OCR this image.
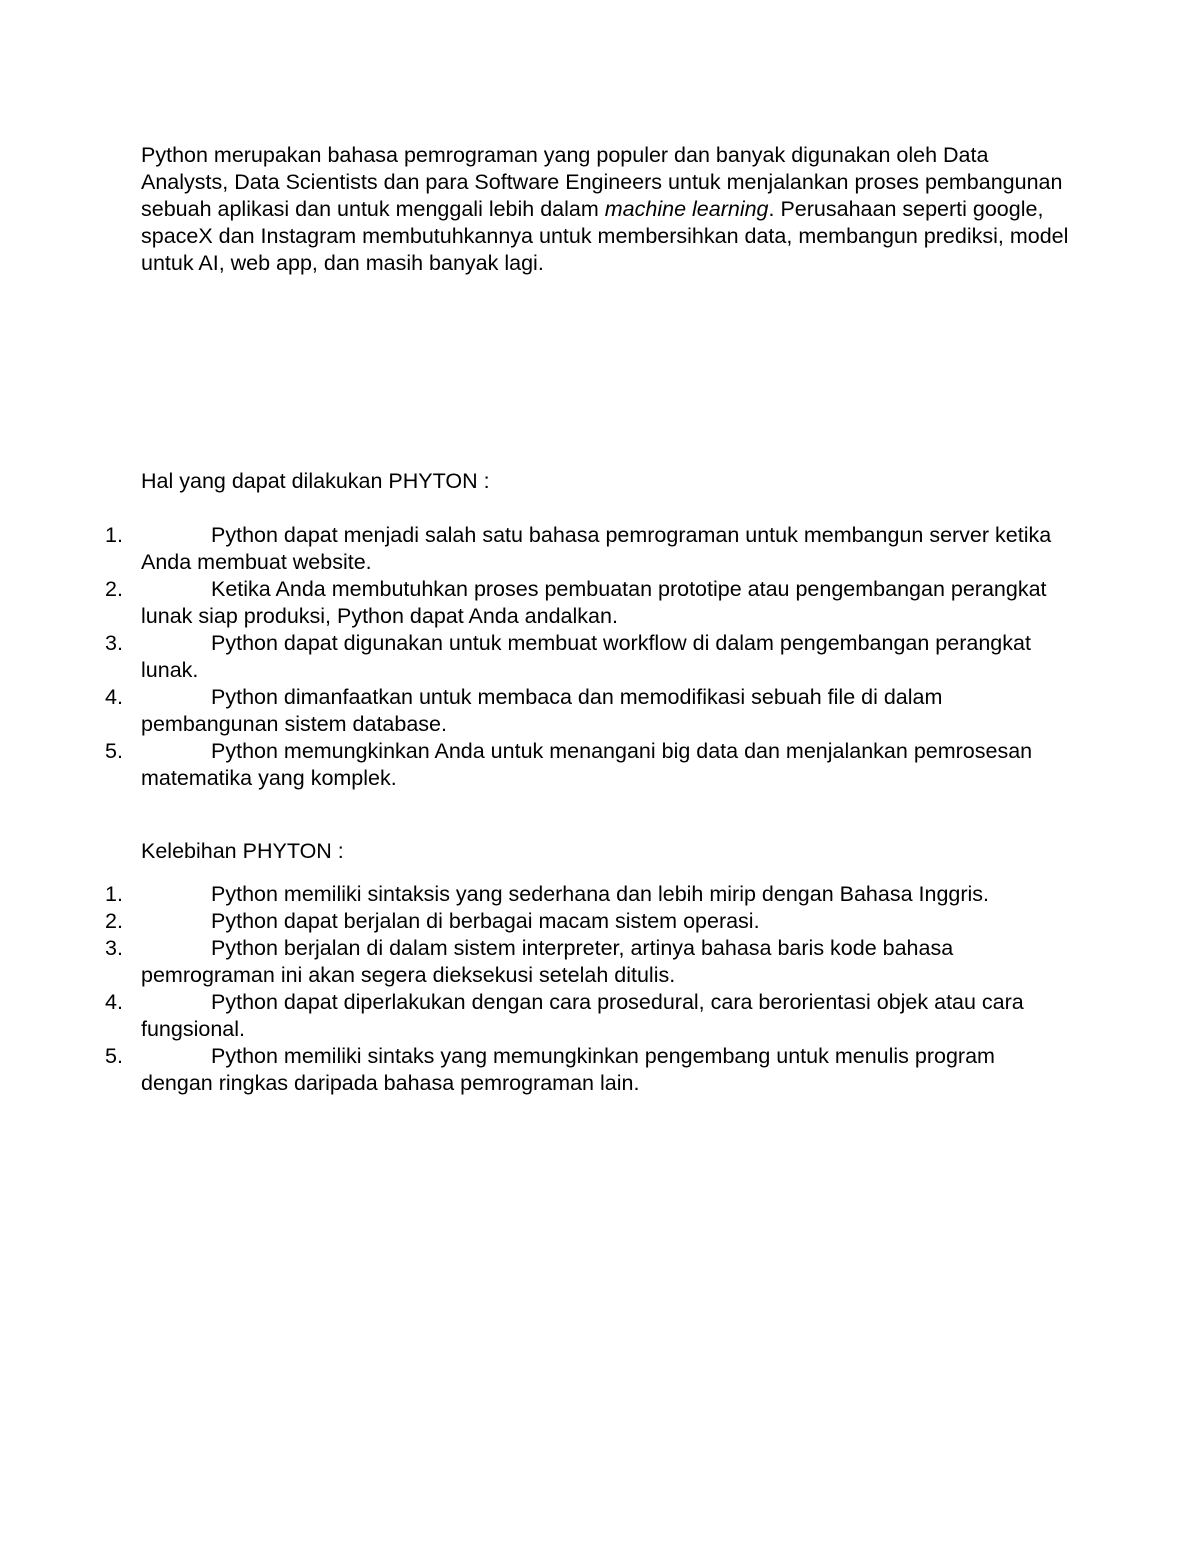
Python merupakan bahasa pemrograman yang populer dan banyak digunakan oleh Data Analysts, Data Scientists dan para Software Engineers untuk menjalankan proses pembangunan sebuah aplikasi dan untuk menggali lebih dalam machine learning. Perusahaan seperti google, spaceX dan Instagram membutuhkannya untuk membersihkan data, membangun prediksi, model untuk AI, web app, dan masih banyak lagi.

Hal yang dapat dilakukan PHYTON :

1.	Python dapat menjadi salah satu bahasa pemrograman untuk membangun server ketika Anda membuat website.
2.	Ketika Anda membutuhkan proses pembuatan prototipe atau pengembangan perangkat lunak siap produksi, Python dapat Anda andalkan.
3.	Python dapat digunakan untuk membuat workflow di dalam pengembangan perangkat lunak.
4.	Python dimanfaatkan untuk membaca dan memodifikasi sebuah file di dalam pembangunan sistem database.
5.	Python memungkinkan Anda untuk menangani big data dan menjalankan pemrosesan matematika yang komplek.

Kelebihan PHYTON :

1.	Python memiliki sintaksis yang sederhana dan lebih mirip dengan Bahasa Inggris.
2.	Python dapat berjalan di berbagai macam sistem operasi.
3.	Python berjalan di dalam sistem interpreter, artinya bahasa baris kode bahasa pemrograman ini akan segera dieksekusi setelah ditulis.
4.	Python dapat diperlakukan dengan cara prosedural, cara berorientasi objek atau cara fungsional.
5.	Python memiliki sintaks yang memungkinkan pengembang untuk menulis program dengan ringkas daripada bahasa pemrograman lain.
